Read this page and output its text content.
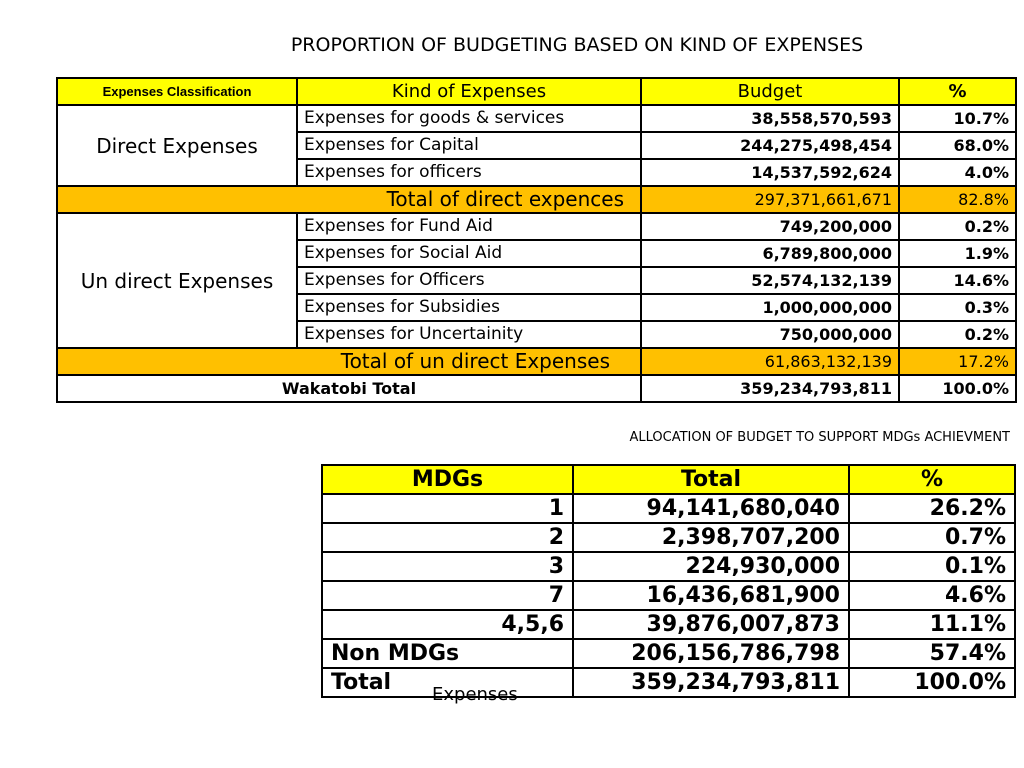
PROPORTION OF BUDGETING BASED ON KIND OF EXPENSES
Expenses Classification	Kind of Expenses	Budget	%
Direct Expenses	Expenses for goods & services	38,558,570,593	10.7%
	Expenses for Capital	244,275,498,454	68.0%
	Expenses for officers	14,537,592,624	4.0%
Total of direct expences		297,371,661,671	82.8%
Un direct Expenses	Expenses for Fund Aid	749,200,000	0.2%
	Expenses for Social Aid	6,789,800,000	1.9%
	Expenses for Officers	52,574,132,139	14.6%
	Expenses for Subsidies	1,000,000,000	0.3%
	Expenses for Uncertainity	750,000,000	0.2%
Total of un direct Expenses		61,863,132,139	17.2%
Wakatobi Total		359,234,793,811	100.0%
ALLOCATION OF BUDGET TO SUPPORT MDGs ACHIEVMENT
MDGs	Total	%
1	94,141,680,040	26.2%
2	2,398,707,200	0.7%
3	224,930,000	0.1%
7	16,436,681,900	4.6%
4,5,6	39,876,007,873	11.1%
Non MDGs	206,156,786,798	57.4%
Total	359,234,793,811	100.0%
Expenses
